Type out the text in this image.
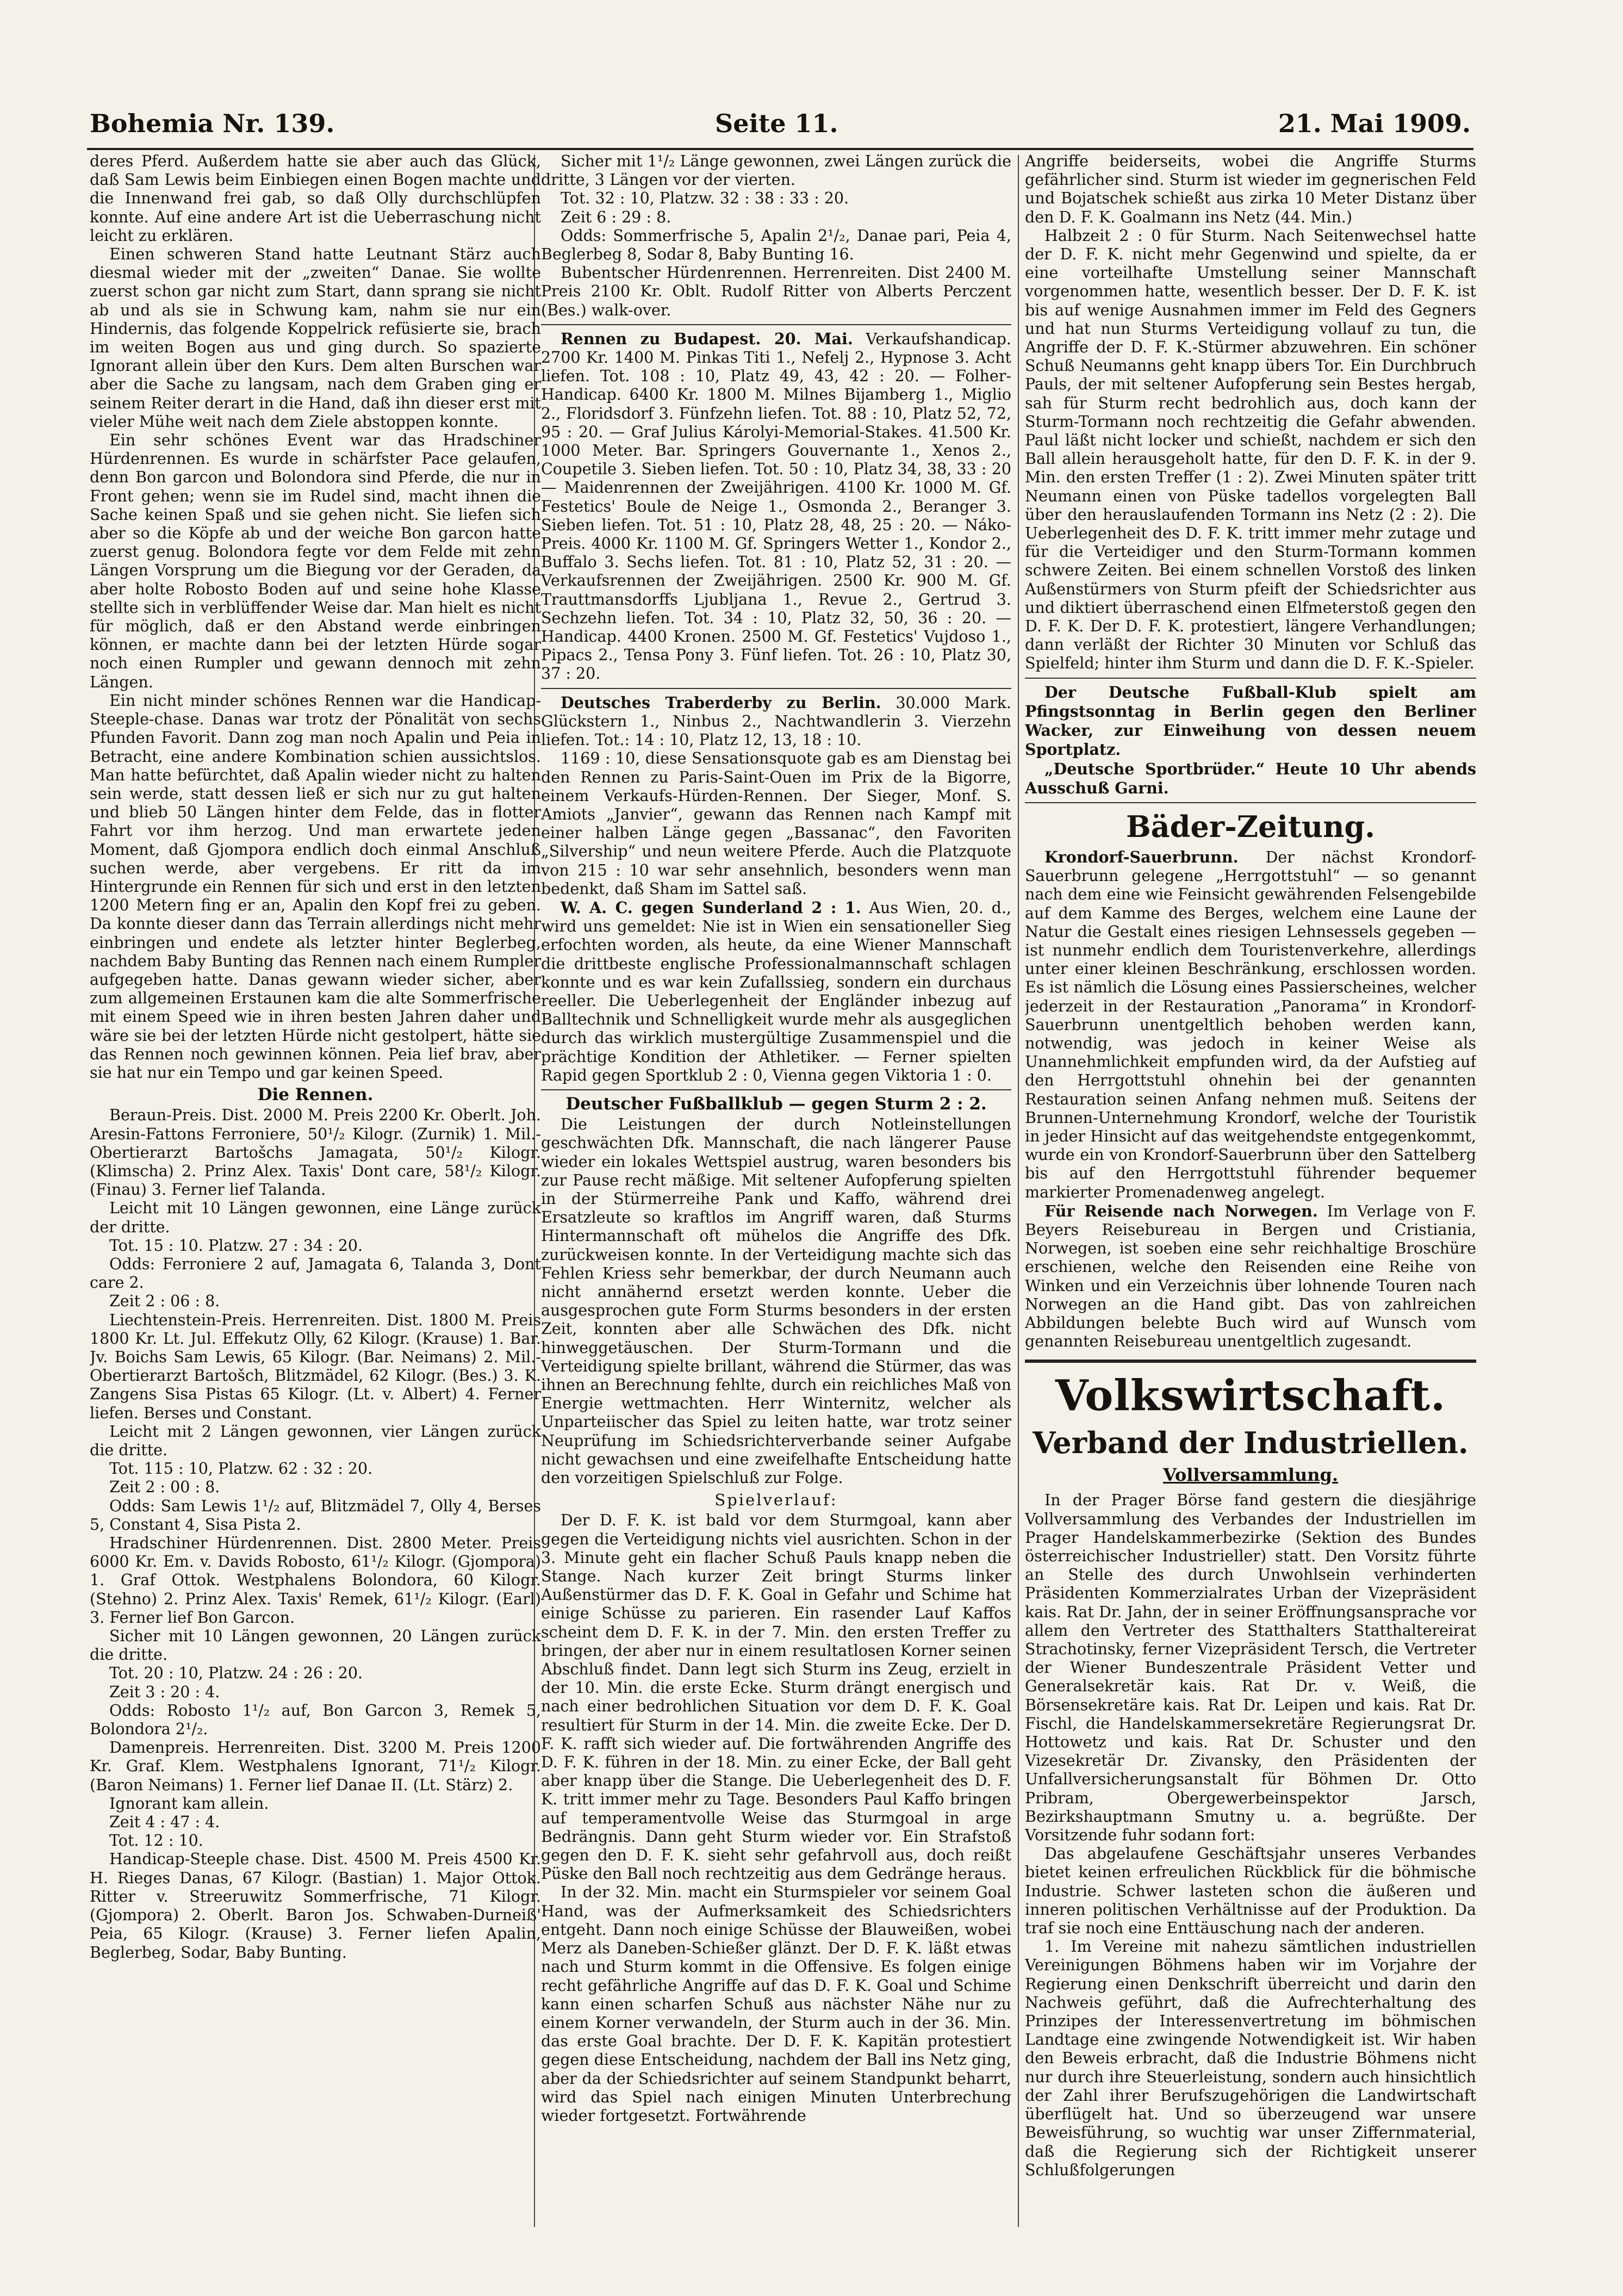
Bohemia Nr. 139.	Seite 11.	21. Mai 1909.

deres Pferd. Außerdem hatte sie aber auch das Glück, daß Sam Lewis beim Einbiegen einen Bogen machte und die Innenwand frei gab, so daß Olly durchschlüpfen konnte. Auf eine andere Art ist die Ueberraschung nicht leicht zu erklären.

Einen schweren Stand hatte Leutnant Stärz auch diesmal wieder mit der „zweiten“ Danae. Sie wollte zuerst schon gar nicht zum Start, dann sprang sie nicht ab und als sie in Schwung kam, nahm sie nur ein Hindernis, das folgende Koppelrick refüsierte sie, brach im weiten Bogen aus und ging durch. So spazierte Ignorant allein über den Kurs. Dem alten Burschen war aber die Sache zu langsam, nach dem Graben ging er seinem Reiter derart in die Hand, daß ihn dieser erst mit vieler Mühe weit nach dem Ziele abstoppen konnte.

Ein sehr schönes Event war das Hradschiner Hürdenrennen. Es wurde in schärfster Pace gelaufen, denn Bon garcon und Bolondora sind Pferde, die nur in Front gehen; wenn sie im Rudel sind, macht ihnen die Sache keinen Spaß und sie gehen nicht. Sie liefen sich aber so die Köpfe ab und der weiche Bon garcon hatte zuerst genug. Bolondora fegte vor dem Felde mit zehn Längen Vorsprung um die Biegung vor der Geraden, da aber holte Robosto Boden auf und seine hohe Klasse stellte sich in verblüffender Weise dar. Man hielt es nicht für möglich, daß er den Abstand werde einbringen können, er machte dann bei der letzten Hürde sogar noch einen Rumpler und gewann dennoch mit zehn Längen.

Ein nicht minder schönes Rennen war die Handicap-Steeple-chase. Danas war trotz der Pönalität von sechs Pfunden Favorit. Dann zog man noch Apalin und Peia in Betracht, eine andere Kombination schien aussichtslos. Man hatte befürchtet, daß Apalin wieder nicht zu halten sein werde, statt dessen ließ er sich nur zu gut halten und blieb 50 Längen hinter dem Felde, das in flotter Fahrt vor ihm herzog. Und man erwartete jeden Moment, daß Gjompora endlich doch einmal Anschluß suchen werde, aber vergebens. Er ritt da im Hintergrunde ein Rennen für sich und erst in den letzten 1200 Metern fing er an, Apalin den Kopf frei zu geben. Da konnte dieser dann das Terrain allerdings nicht mehr einbringen und endete als letzter hinter Beglerbeg, nachdem Baby Bunting das Rennen nach einem Rumpler aufgegeben hatte. Danas gewann wieder sicher, aber zum allgemeinen Erstaunen kam die alte Sommerfrische mit einem Speed wie in ihren besten Jahren daher und wäre sie bei der letzten Hürde nicht gestolpert, hätte sie das Rennen noch gewinnen können. Peia lief brav, aber sie hat nur ein Tempo und gar keinen Speed.

Die Rennen.

Beraun-Preis. Dist. 2000 M. Preis 2200 Kr. Oberlt. Joh. Aresin-Fattons Ferroniere, 50¹/₂ Kilogr. (Zurnik) 1. Mil.-Obertierarzt Bartošchs Jamagata, 50¹/₂ Kilogr. (Klimscha) 2. Prinz Alex. Taxis' Dont care, 58¹/₂ Kilogr. (Finau) 3. Ferner lief Talanda.

Leicht mit 10 Längen gewonnen, eine Länge zurück der dritte.

Tot. 15 : 10. Platzw. 27 : 34 : 20.

Odds: Ferroniere 2 auf, Jamagata 6, Talanda 3, Dont care 2.

Zeit 2 : 06 : 8.

Liechtenstein-Preis. Herrenreiten. Dist. 1800 M. Preis 1800 Kr. Lt. Jul. Effekutz Olly, 62 Kilogr. (Krause) 1. Bar. Jv. Boichs Sam Lewis, 65 Kilogr. (Bar. Neimans) 2. Mil.-Obertierarzt Bartošch, Blitzmädel, 62 Kilogr. (Bes.) 3. K. Zangens Sisa Pistas 65 Kilogr. (Lt. v. Albert) 4. Ferner liefen. Berses und Constant.

Leicht mit 2 Längen gewonnen, vier Längen zurück die dritte.

Tot. 115 : 10, Platzw. 62 : 32 : 20.

Zeit 2 : 00 : 8.

Odds: Sam Lewis 1¹/₂ auf, Blitzmädel 7, Olly 4, Berses 5, Constant 4, Sisa Pista 2.

Hradschiner Hürdenrennen. Dist. 2800 Meter. Preis 6000 Kr. Em. v. Davids Robosto, 61¹/₂ Kilogr. (Gjompora) 1. Graf Ottok. Westphalens Bolondora, 60 Kilogr. (Stehno) 2. Prinz Alex. Taxis' Remek, 61¹/₂ Kilogr. (Earl) 3. Ferner lief Bon Garcon.

Sicher mit 10 Längen gewonnen, 20 Längen zurück die dritte.

Tot. 20 : 10, Platzw. 24 : 26 : 20.

Zeit 3 : 20 : 4.

Odds: Robosto 1¹/₂ auf, Bon Garcon 3, Remek 5, Bolondora 2¹/₂.

Damenpreis. Herrenreiten. Dist. 3200 M. Preis 1200 Kr. Graf. Klem. Westphalens Ignorant, 71¹/₂ Kilogr. (Baron Neimans) 1. Ferner lief Danae II. (Lt. Stärz) 2.

Ignorant kam allein.

Zeit 4 : 47 : 4.

Tot. 12 : 10.

Handicap-Steeple chase. Dist. 4500 M. Preis 4500 Kr. H. Rieges Danas, 67 Kilogr. (Bastian) 1. Major Ottok. Ritter v. Streeruwitz Sommerfrische, 71 Kilogr. (Gjompora) 2. Oberlt. Baron Jos. Schwaben-Durneiß' Peia, 65 Kilogr. (Krause) 3. Ferner liefen Apalin, Beglerbeg, Sodar, Baby Bunting.

Sicher mit 1¹/₂ Länge gewonnen, zwei Längen zurück die dritte, 3 Längen vor der vierten.

Tot. 32 : 10, Platzw. 32 : 38 : 33 : 20.

Zeit 6 : 29 : 8.

Odds: Sommerfrische 5, Apalin 2¹/₂, Danae pari, Peia 4, Beglerbeg 8, Sodar 8, Baby Bunting 16.

Bubentscher Hürdenrennen. Herrenreiten. Dist 2400 M. Preis 2100 Kr. Oblt. Rudolf Ritter von Alberts Perczent (Bes.) walk-over.

Rennen zu Budapest. 20. Mai. Verkaufshandicap. 2700 Kr. 1400 M. Pinkas Titi 1., Nefelj 2., Hypnose 3. Acht liefen. Tot. 108 : 10, Platz 49, 43, 42 : 20. — Folher-Handicap. 6400 Kr. 1800 M. Milnes Bijamberg 1., Miglio 2., Floridsdorf 3. Fünfzehn liefen. Tot. 88 : 10, Platz 52, 72, 95 : 20. — Graf Julius Károlyi-Memorial-Stakes. 41.500 Kr. 1000 Meter. Bar. Springers Gouvernante 1., Xenos 2., Coupetile 3. Sieben liefen. Tot. 50 : 10, Platz 34, 38, 33 : 20 — Maidenrennen der Zweijährigen. 4100 Kr. 1000 M. Gf. Festetics' Boule de Neige 1., Osmonda 2., Beranger 3. Sieben liefen. Tot. 51 : 10, Platz 28, 48, 25 : 20. — Náko-Preis. 4000 Kr. 1100 M. Gf. Springers Wetter 1., Kondor 2., Buffalo 3. Sechs liefen. Tot. 81 : 10, Platz 52, 31 : 20. — Verkaufsrennen der Zweijährigen. 2500 Kr. 900 M. Gf. Trauttmansdorffs Ljubljana 1., Revue 2., Gertrud 3. Sechzehn liefen. Tot. 34 : 10, Platz 32, 50, 36 : 20. — Handicap. 4400 Kronen. 2500 M. Gf. Festetics' Vujdoso 1., Pipacs 2., Tensa Pony 3. Fünf liefen. Tot. 26 : 10, Platz 30, 37 : 20.

Deutsches Traberderby zu Berlin. 30.000 Mark. Glückstern 1., Ninbus 2., Nachtwandlerin 3. Vierzehn liefen. Tot.: 14 : 10, Platz 12, 13, 18 : 10.

1169 : 10, diese Sensationsquote gab es am Dienstag bei den Rennen zu Paris-Saint-Ouen im Prix de la Bigorre, einem Verkaufs-Hürden-Rennen. Der Sieger, Monf. S. Amiots „Janvier“, gewann das Rennen nach Kampf mit einer halben Länge gegen „Bassanac“, den Favoriten „Silvership“ und neun weitere Pferde. Auch die Platzquote von 215 : 10 war sehr ansehnlich, besonders wenn man bedenkt, daß Sham im Sattel saß.

W. A. C. gegen Sunderland 2 : 1. Aus Wien, 20. d., wird uns gemeldet: Nie ist in Wien ein sensationeller Sieg erfochten worden, als heute, da eine Wiener Mannschaft die drittbeste englische Professionalmannschaft schlagen konnte und es war kein Zufallssieg, sondern ein durchaus reeller. Die Ueberlegenheit der Engländer inbezug auf Balltechnik und Schnelligkeit wurde mehr als ausgeglichen durch das wirklich mustergültige Zusammenspiel und die prächtige Kondition der Athletiker. — Ferner spielten Rapid gegen Sportklub 2 : 0, Vienna gegen Viktoria 1 : 0.

Deutscher Fußballklub — gegen Sturm 2 : 2.

Die Leistungen der durch Notleinstellungen geschwächten Dfk. Mannschaft, die nach längerer Pause wieder ein lokales Wettspiel austrug, waren besonders bis zur Pause recht mäßige. Mit seltener Aufopferung spielten in der Stürmerreihe Pank und Kaffo, während drei Ersatzleute so kraftlos im Angriff waren, daß Sturms Hintermannschaft oft mühelos die Angriffe des Dfk. zurückweisen konnte. In der Verteidigung machte sich das Fehlen Kriess sehr bemerkbar, der durch Neumann auch nicht annähernd ersetzt werden konnte. Ueber die ausgesprochen gute Form Sturms besonders in der ersten Zeit, konnten aber alle Schwächen des Dfk. nicht hinweggetäuschen. Der Sturm-Tormann und die Verteidigung spielte brillant, während die Stürmer, das was ihnen an Berechnung fehlte, durch ein reichliches Maß von Energie wettmachten. Herr Winternitz, welcher als Unparteiischer das Spiel zu leiten hatte, war trotz seiner Neuprüfung im Schiedsrichterverbande seiner Aufgabe nicht gewachsen und eine zweifelhafte Entscheidung hatte den vorzeitigen Spielschluß zur Folge.

Spielverlauf:

Der D. F. K. ist bald vor dem Sturmgoal, kann aber gegen die Verteidigung nichts viel ausrichten. Schon in der 3. Minute geht ein flacher Schuß Pauls knapp neben die Stange. Nach kurzer Zeit bringt Sturms linker Außenstürmer das D. F. K. Goal in Gefahr und Schime hat einige Schüsse zu parieren. Ein rasender Lauf Kaffos scheint dem D. F. K. in der 7. Min. den ersten Treffer zu bringen, der aber nur in einem resultatlosen Korner seinen Abschluß findet. Dann legt sich Sturm ins Zeug, erzielt in der 10. Min. die erste Ecke. Sturm drängt energisch und nach einer bedrohlichen Situation vor dem D. F. K. Goal resultiert für Sturm in der 14. Min. die zweite Ecke. Der D. F. K. rafft sich wieder auf. Die fortwährenden Angriffe des D. F. K. führen in der 18. Min. zu einer Ecke, der Ball geht aber knapp über die Stange. Die Ueberlegenheit des D. F. K. tritt immer mehr zu Tage. Besonders Paul Kaffo bringen auf temperamentvolle Weise das Sturmgoal in arge Bedrängnis. Dann geht Sturm wieder vor. Ein Strafstoß gegen den D. F. K. sieht sehr gefahrvoll aus, doch reißt Püske den Ball noch rechtzeitig aus dem Gedränge heraus.

In der 32. Min. macht ein Sturmspieler vor seinem Goal Hand, was der Aufmerksamkeit des Schiedsrichters entgeht. Dann noch einige Schüsse der Blauweißen, wobei Merz als Daneben-Schießer glänzt. Der D. F. K. läßt etwas nach und Sturm kommt in die Offensive. Es folgen einige recht gefährliche Angriffe auf das D. F. K. Goal und Schime kann einen scharfen Schuß aus nächster Nähe nur zu einem Korner verwandeln, der Sturm auch in der 36. Min. das erste Goal brachte. Der D. F. K. Kapitän protestiert gegen diese Entscheidung, nachdem der Ball ins Netz ging, aber da der Schiedsrichter auf seinem Standpunkt beharrt, wird das Spiel nach einigen Minuten Unterbrechung wieder fortgesetzt. Fortwährende

Angriffe beiderseits, wobei die Angriffe Sturms gefährlicher sind. Sturm ist wieder im gegnerischen Feld und Bojatschek schießt aus zirka 10 Meter Distanz über den D. F. K. Goalmann ins Netz (44. Min.)

Halbzeit 2 : 0 für Sturm. Nach Seitenwechsel hatte der D. F. K. nicht mehr Gegenwind und spielte, da er eine vorteilhafte Umstellung seiner Mannschaft vorgenommen hatte, wesentlich besser. Der D. F. K. ist bis auf wenige Ausnahmen immer im Feld des Gegners und hat nun Sturms Verteidigung vollauf zu tun, die Angriffe der D. F. K.-Stürmer abzuwehren. Ein schöner Schuß Neumanns geht knapp übers Tor. Ein Durchbruch Pauls, der mit seltener Aufopferung sein Bestes hergab, sah für Sturm recht bedrohlich aus, doch kann der Sturm-Tormann noch rechtzeitig die Gefahr abwenden. Paul läßt nicht locker und schießt, nachdem er sich den Ball allein herausgeholt hatte, für den D. F. K. in der 9. Min. den ersten Treffer (1 : 2). Zwei Minuten später tritt Neumann einen von Püske tadellos vorgelegten Ball über den herauslaufenden Tormann ins Netz (2 : 2). Die Ueberlegenheit des D. F. K. tritt immer mehr zutage und für die Verteidiger und den Sturm-Tormann kommen schwere Zeiten. Bei einem schnellen Vorstoß des linken Außenstürmers von Sturm pfeift der Schiedsrichter aus und diktiert überraschend einen Elfmeterstoß gegen den D. F. K. Der D. F. K. protestiert, längere Verhandlungen; dann verläßt der Richter 30 Minuten vor Schluß das Spielfeld; hinter ihm Sturm und dann die D. F. K.-Spieler.

Der Deutsche Fußball-Klub spielt am Pfingstsonntag in Berlin gegen den Berliner Wacker, zur Einweihung von dessen neuem Sportplatz.

„Deutsche Sportbrüder.“ Heute 10 Uhr abends Ausschuß Garni.

Bäder-Zeitung.

Krondorf-Sauerbrunn. Der nächst Krondorf-Sauerbrunn gelegene „Herrgottstuhl“ — so genannt nach dem eine wie Feinsicht gewährenden Felsengebilde auf dem Kamme des Berges, welchem eine Laune der Natur die Gestalt eines riesigen Lehnsessels gegeben — ist nunmehr endlich dem Touristenverkehre, allerdings unter einer kleinen Beschränkung, erschlossen worden. Es ist nämlich die Lösung eines Passierscheines, welcher jederzeit in der Restauration „Panorama“ in Krondorf-Sauerbrunn unentgeltlich behoben werden kann, notwendig, was jedoch in keiner Weise als Unannehmlichkeit empfunden wird, da der Aufstieg auf den Herrgottstuhl ohnehin bei der genannten Restauration seinen Anfang nehmen muß. Seitens der Brunnen-Unternehmung Krondorf, welche der Touristik in jeder Hinsicht auf das weitgehendste entgegenkommt, wurde ein von Krondorf-Sauerbrunn über den Sattelberg bis auf den Herrgottstuhl führender bequemer markierter Promenadenweg angelegt.

Für Reisende nach Norwegen. Im Verlage von F. Beyers Reisebureau in Bergen und Cristiania, Norwegen, ist soeben eine sehr reichhaltige Broschüre erschienen, welche den Reisenden eine Reihe von Winken und ein Verzeichnis über lohnende Touren nach Norwegen an die Hand gibt. Das von zahlreichen Abbildungen belebte Buch wird auf Wunsch vom genannten Reisebureau unentgeltlich zugesandt.

Volkswirtschaft.
Verband der Industriellen.
Vollversammlung.

In der Prager Börse fand gestern die diesjährige Vollversammlung des Verbandes der Industriellen im Prager Handelskammerbezirke (Sektion des Bundes österreichischer Industrieller) statt. Den Vorsitz führte an Stelle des durch Unwohlsein verhinderten Präsidenten Kommerzialrates Urban der Vizepräsident kais. Rat Dr. Jahn, der in seiner Eröffnungsansprache vor allem den Vertreter des Statthalters Statthaltereirat Strachotinsky, ferner Vizepräsident Tersch, die Vertreter der Wiener Bundeszentrale Präsident Vetter und Generalsekretär kais. Rat Dr. v. Weiß, die Börsensekretäre kais. Rat Dr. Leipen und kais. Rat Dr. Fischl, die Handelskammersekretäre Regierungsrat Dr. Hottowetz und kais. Rat Dr. Schuster und den Vizesekretär Dr. Zivansky, den Präsidenten der Unfallversicherungsanstalt für Böhmen Dr. Otto Pribram, Obergewerbeinspektor Jarsch, Bezirkshauptmann Smutny u. a. begrüßte. Der Vorsitzende fuhr sodann fort:

Das abgelaufene Geschäftsjahr unseres Verbandes bietet keinen erfreulichen Rückblick für die böhmische Industrie. Schwer lasteten schon die äußeren und inneren politischen Verhältnisse auf der Produktion. Da traf sie noch eine Enttäuschung nach der anderen.

1. Im Vereine mit nahezu sämtlichen industriellen Vereinigungen Böhmens haben wir im Vorjahre der Regierung einen Denkschrift überreicht und darin den Nachweis geführt, daß die Aufrechterhaltung des Prinzipes der Interessenvertretung im böhmischen Landtage eine zwingende Notwendigkeit ist. Wir haben den Beweis erbracht, daß die Industrie Böhmens nicht nur durch ihre Steuerleistung, sondern auch hinsichtlich der Zahl ihrer Berufszugehörigen die Landwirtschaft überflügelt hat. Und so überzeugend war unsere Beweisführung, so wuchtig war unser Ziffernmaterial, daß die Regierung sich der Richtigkeit unserer Schlußfolgerungen
